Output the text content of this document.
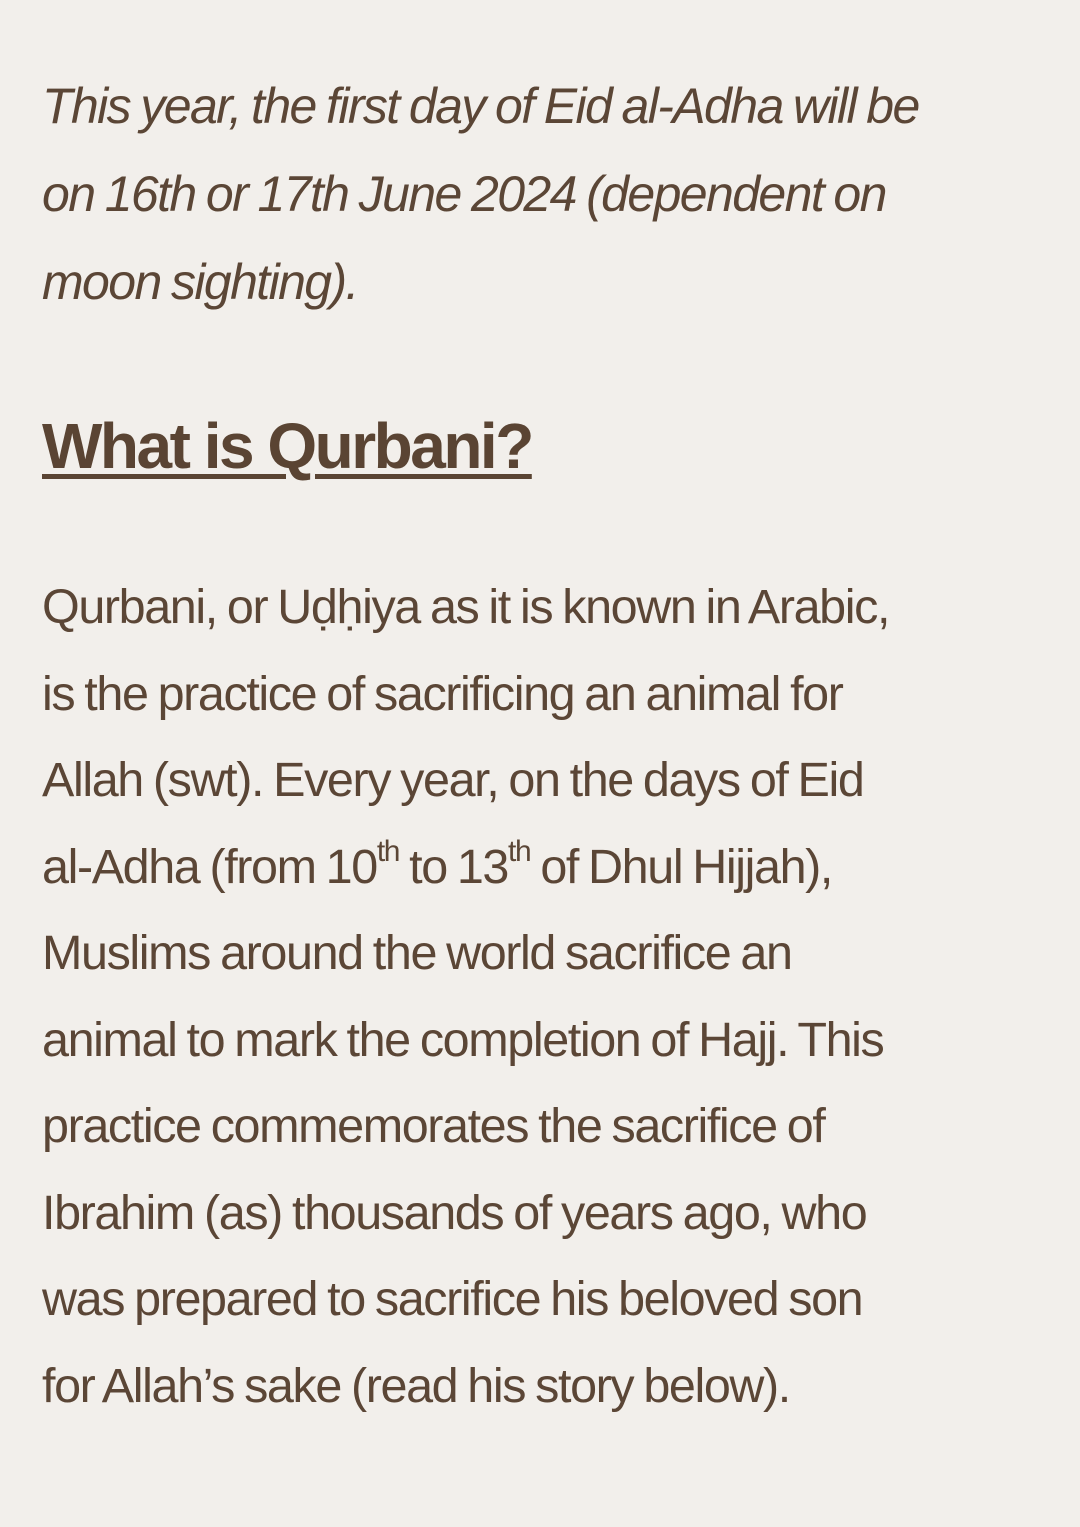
This year, the first day of Eid al-Adha will be
on 16th or 17th June 2024 (dependent on
moon sighting).

What is Qurbani?

Qurbani, or Uḍḥiya as it is known in Arabic,
is the practice of sacrificing an animal for
Allah (swt). Every year, on the days of Eid
al-Adha (from 10th to 13th of Dhul Hijjah),
Muslims around the world sacrifice an
animal to mark the completion of Hajj. This
practice commemorates the sacrifice of
Ibrahim (as) thousands of years ago, who
was prepared to sacrifice his beloved son
for Allah’s sake (read his story below).
